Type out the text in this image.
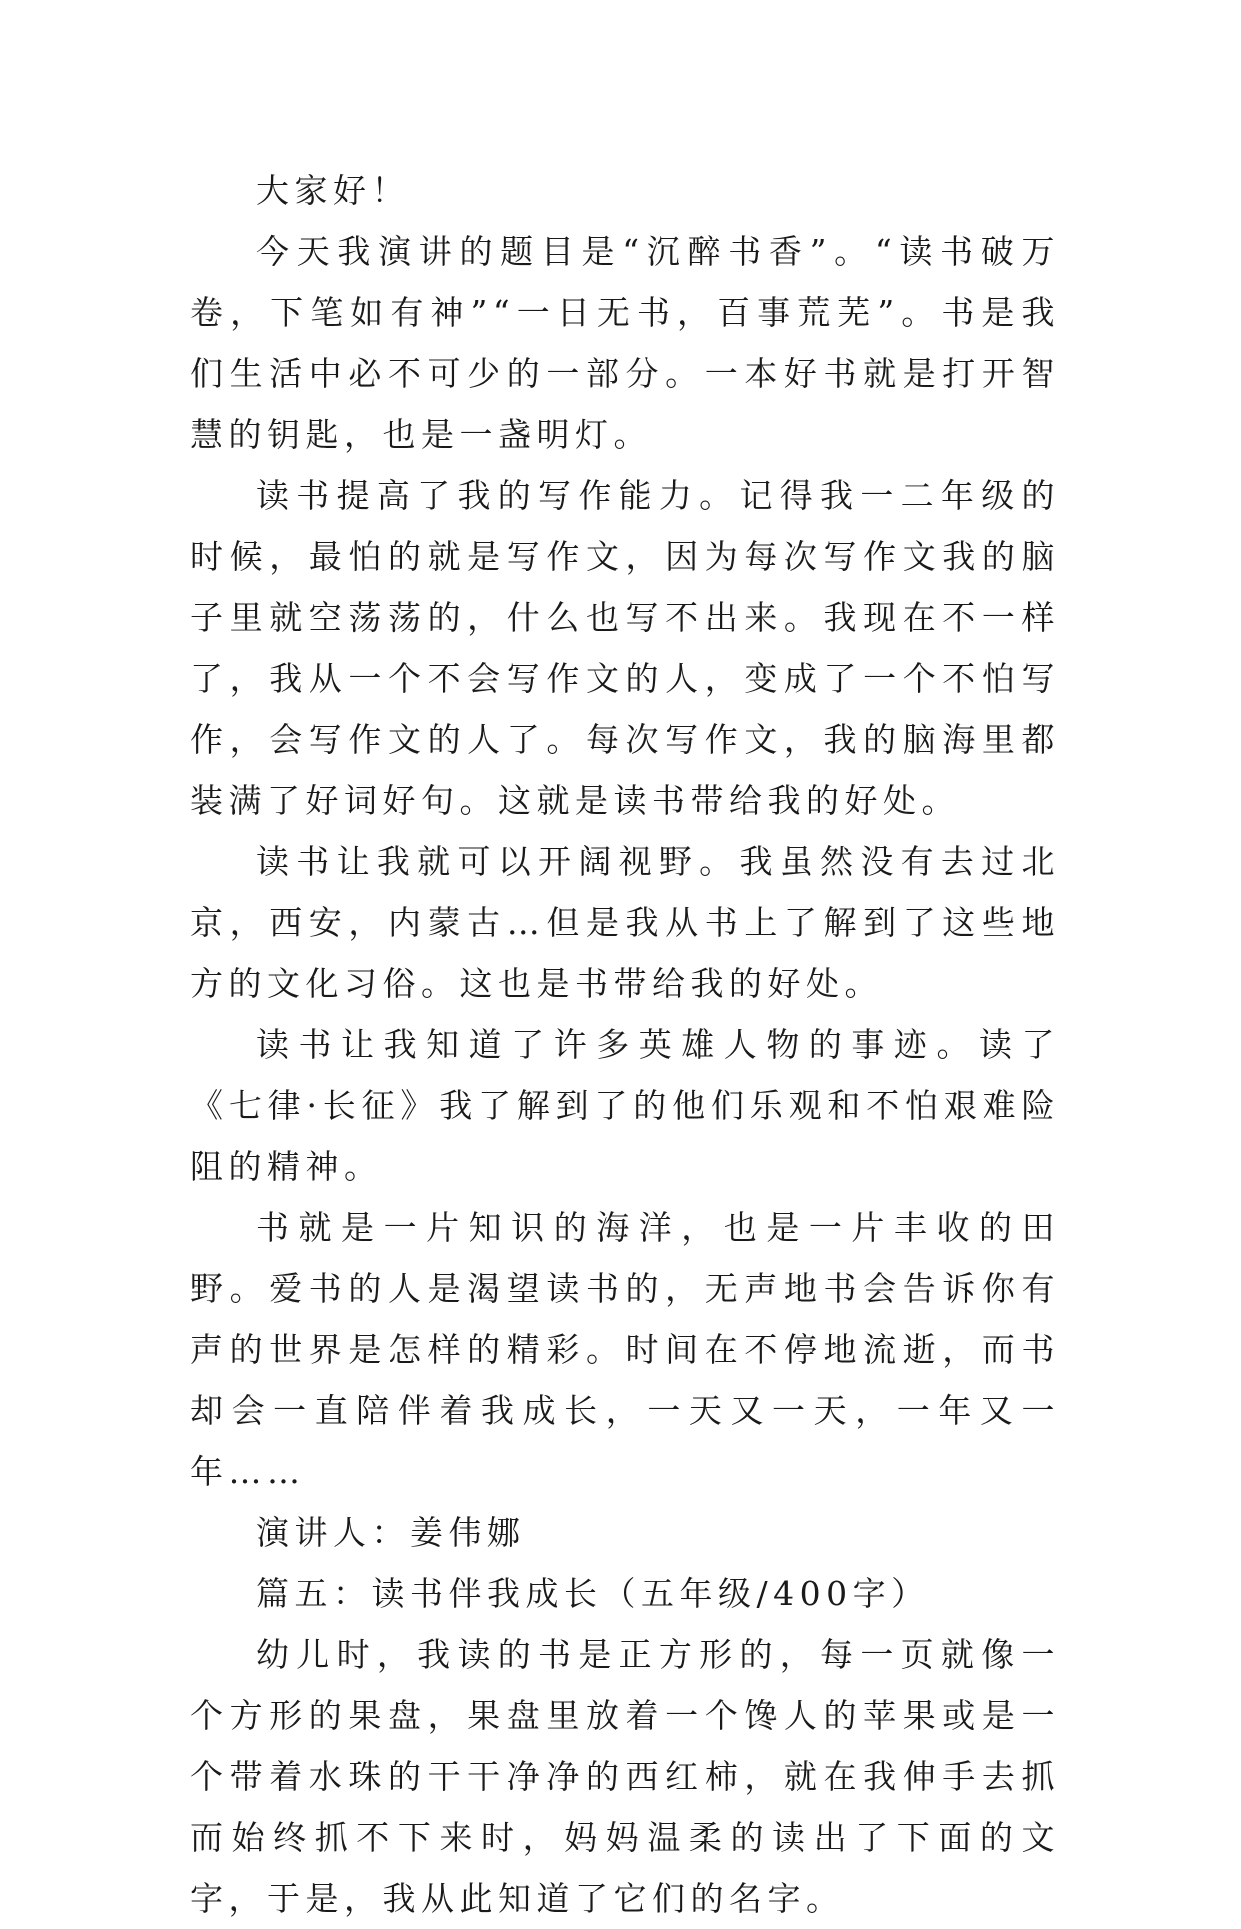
大家好！

今天我演讲的题目是“沉醉书香”。“读书破万卷，下笔如有神”“一日无书，百事荒芜”。书是我们生活中必不可少的一部分。一本好书就是打开智慧的钥匙，也是一盏明灯。

读书提高了我的写作能力。记得我一二年级的时候，最怕的就是写作文，因为每次写作文我的脑子里就空荡荡的，什么也写不出来。我现在不一样了，我从一个不会写作文的人，变成了一个不怕写作，会写作文的人了。每次写作文，我的脑海里都装满了好词好句。这就是读书带给我的好处。

读书让我就可以开阔视野。我虽然没有去过北京，西安，内蒙古…但是我从书上了解到了这些地方的文化习俗。这也是书带给我的好处。

读书让我知道了许多英雄人物的事迹。读了《七律·长征》我了解到了的他们乐观和不怕艰难险阻的精神。

书就是一片知识的海洋，也是一片丰收的田野。爱书的人是渴望读书的，无声地书会告诉你有声的世界是怎样的精彩。时间在不停地流逝，而书却会一直陪伴着我成长，一天又一天，一年又一年……

演讲人：姜伟娜

篇五：读书伴我成长（五年级/400字）

幼儿时，我读的书是正方形的，每一页就像一个方形的果盘，果盘里放着一个馋人的苹果或是一个带着水珠的干干净净的西红柿，就在我伸手去抓而始终抓不下来时，妈妈温柔的读出了下面的文字，于是，我从此知道了它们的名字。
